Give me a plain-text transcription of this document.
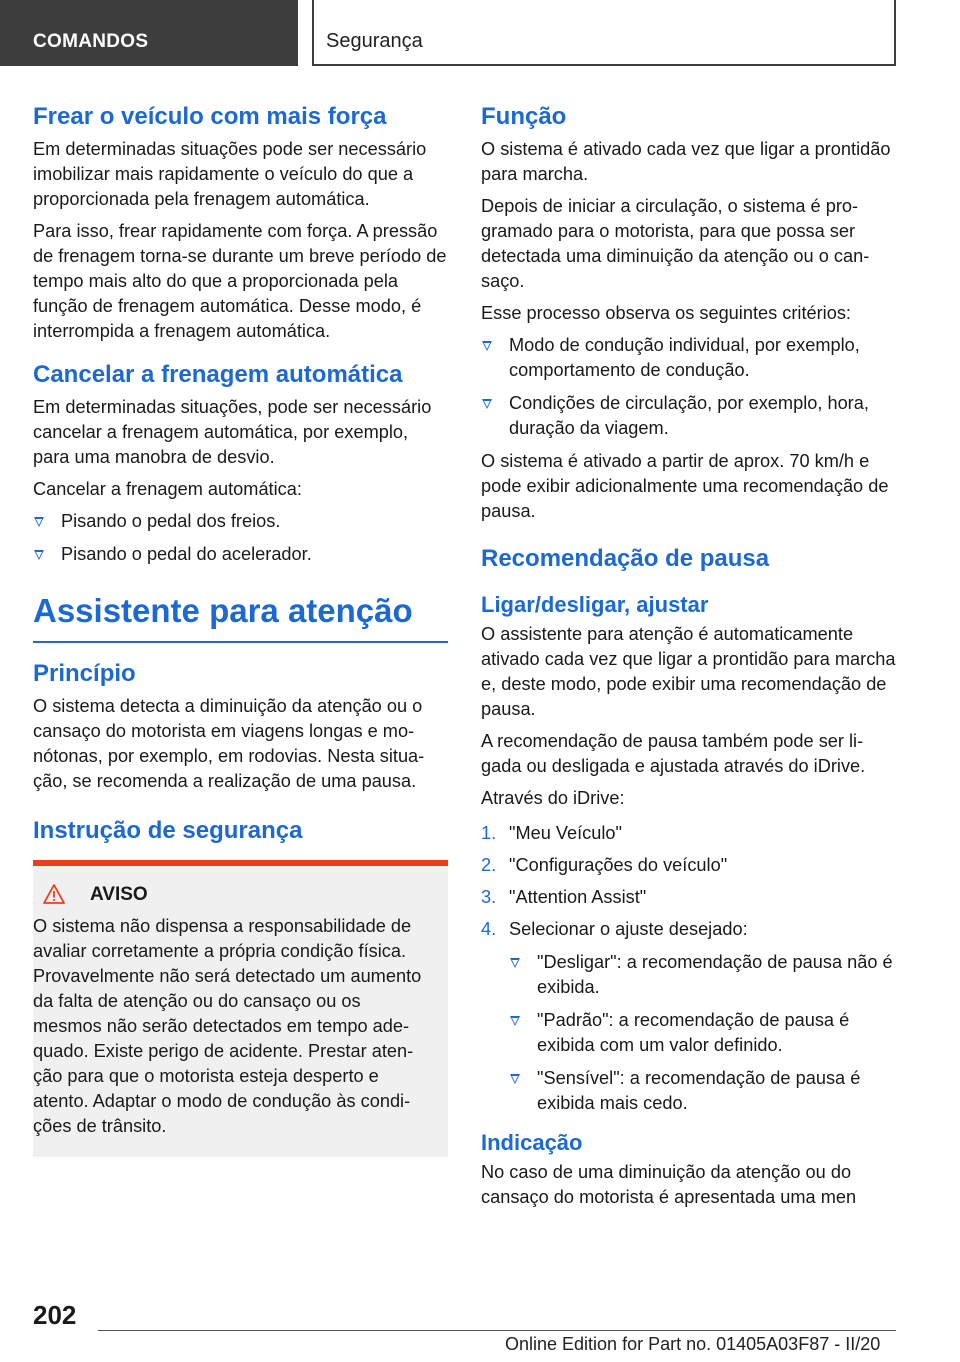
COMANDOS	Segurança
Frear o veículo com mais força

Em determinadas situações pode ser necessário imobilizar mais rapidamente o veículo do que a proporcionada pela frenagem automática.

Para isso, frear rapidamente com força. A pressão de frenagem torna-se durante um breve período de tempo mais alto do que a proporcionada pela função de frenagem automática. Desse modo, é interrompida a frenagem automática.

Cancelar a frenagem automática

Em determinadas situações, pode ser necessário cancelar a frenagem automática, por exemplo, para uma manobra de desvio.

Cancelar a frenagem automática:

Pisando o pedal dos freios.
Pisando o pedal do acelerador.
Assistente para atenção
Princípio

O sistema detecta a diminuição da atenção ou o cansaço do motorista em viagens longas e monótonas, por exemplo, em rodovias. Nesta situação, se recomenda a realização de uma pausa.

Instrução de segurança
AVISO

O sistema não dispensa a responsabilidade de avaliar corretamente a própria condição física. Provavelmente não será detectado um aumento da falta de atenção ou do cansaço ou os mesmos não serão detectados em tempo adequado. Existe perigo de acidente. Prestar atenção para que o motorista esteja desperto e atento. Adaptar o modo de condução às condições de trânsito.

Função

O sistema é ativado cada vez que ligar a prontidão para marcha.

Depois de iniciar a circulação, o sistema é programado para o motorista, para que possa ser detectada uma diminuição da atenção ou o cansaço.

Esse processo observa os seguintes critérios:

Modo de condução individual, por exemplo, comportamento de condução.
Condições de circulação, por exemplo, hora, duração da viagem.

O sistema é ativado a partir de aprox. 70 km/h e pode exibir adicionalmente uma recomendação de pausa.

Recomendação de pausa
Ligar/desligar, ajustar

O assistente para atenção é automaticamente ativado cada vez que ligar a prontidão para marcha e, deste modo, pode exibir uma recomendação de pausa.

A recomendação de pausa também pode ser ligada ou desligada e ajustada através do iDrive.

Através do iDrive:

1. "Meu Veículo"
2. "Configurações do veículo"
3. "Attention Assist"
4. Selecionar o ajuste desejado:
"Desligar": a recomendação de pausa não é exibida.
"Padrão": a recomendação de pausa é exibida com um valor definido.
"Sensível": a recomendação de pausa é exibida mais cedo.
Indicação

No caso de uma diminuição da atenção ou do cansaço do motorista é apresentada uma men

202
Online Edition for Part no. 01405A03F87 - II/20
